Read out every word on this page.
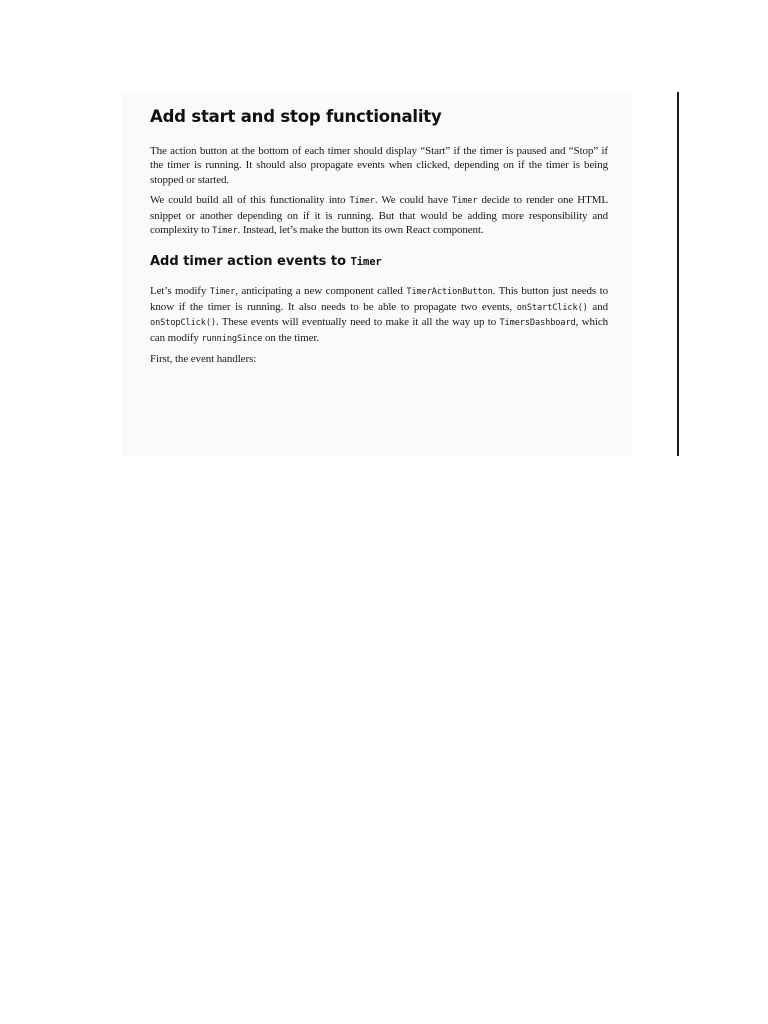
Add start and stop functionality

The action button at the bottom of each timer should display “Start” if the timer is paused and “Stop” if the timer is running. It should also propagate events when clicked, depending on if the timer is being stopped or started.

We could build all of this functionality into Timer. We could have Timer decide to render one HTML snippet or another depending on if it is running. But that would be adding more responsibility and complexity to Timer. Instead, let’s make the button its own React component.

Add timer action events to Timer

Let’s modify Timer, anticipating a new component called TimerActionButton. This button just needs to know if the timer is running. It also needs to be able to propagate two events, onStartClick() and onStopClick(). These events will eventually need to make it all the way up to TimersDashboard, which can modify runningSince on the timer.

First, the event handlers:
